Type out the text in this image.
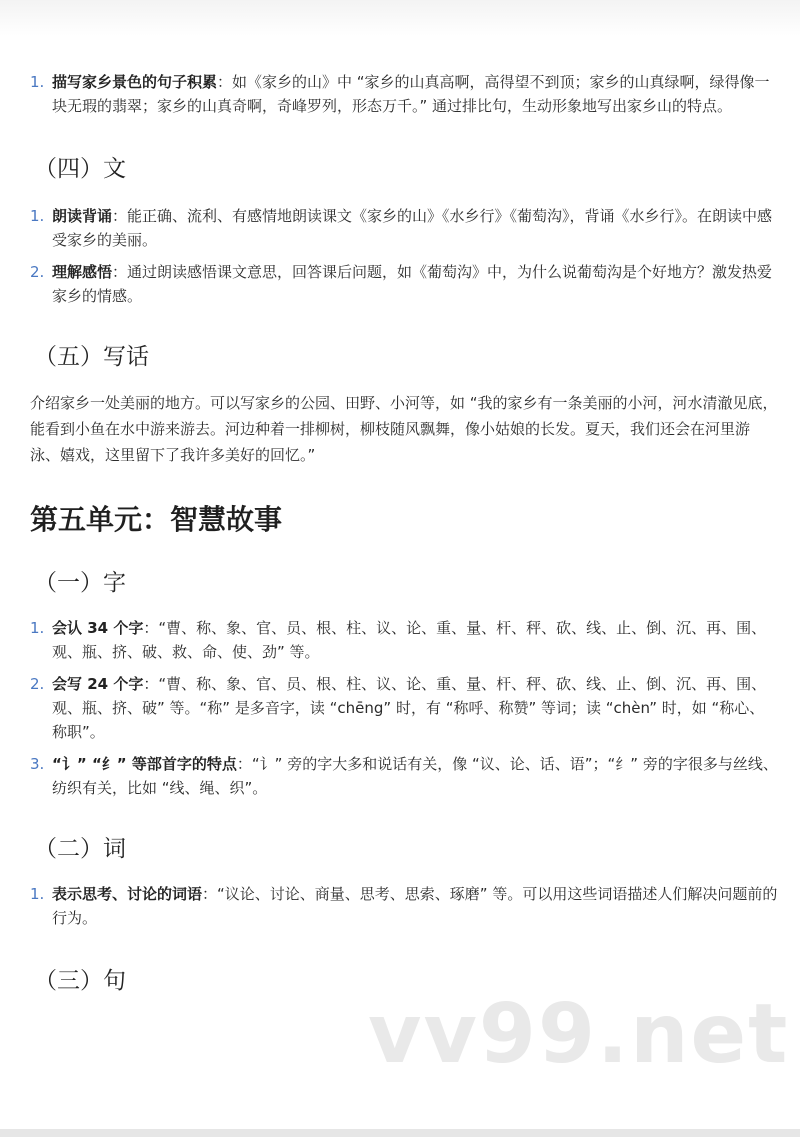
1. 描写家乡景色的句子积累：如《家乡的山》中 “家乡的山真高啊，高得望不到顶；家乡的山真绿啊，绿得像一块无瑕的翡翠；家乡的山真奇啊，奇峰罗列，形态万千。” 通过排比句，生动形象地写出家乡山的特点。
（四）文
1. 朗读背诵：能正确、流利、有感情地朗读课文《家乡的山》《水乡行》《葡萄沟》，背诵《水乡行》。在朗读中感受家乡的美丽。
2. 理解感悟：通过朗读感悟课文意思，回答课后问题，如《葡萄沟》中，为什么说葡萄沟是个好地方？激发热爱家乡的情感。
（五）写话

介绍家乡一处美丽的地方。可以写家乡的公园、田野、小河等，如 “我的家乡有一条美丽的小河，河水清澈见底，能看到小鱼在水中游来游去。河边种着一排柳树，柳枝随风飘舞，像小姑娘的长发。夏天，我们还会在河里游泳、嬉戏，这里留下了我许多美好的回忆。”

第五单元：智慧故事
（一）字
1. 会认 34 个字：“曹、称、象、官、员、根、柱、议、论、重、量、杆、秤、砍、线、止、倒、沉、再、围、观、瓶、挤、破、救、命、使、劲” 等。
2. 会写 24 个字：“曹、称、象、官、员、根、柱、议、论、重、量、杆、秤、砍、线、止、倒、沉、再、围、观、瓶、挤、破” 等。“称” 是多音字，读 “chēng” 时，有 “称呼、称赞” 等词；读 “chèn” 时，如 “称心、称职”。
3. “讠” “纟” 等部首字的特点：“讠” 旁的字大多和说话有关，像 “议、论、话、语”；“纟” 旁的字很多与丝线、纺织有关，比如 “线、绳、织”。
（二）词
1. 表示思考、讨论的词语：“议论、讨论、商量、思考、思索、琢磨” 等。可以用这些词语描述人们解决问题前的行为。
（三）句
vv99.net
